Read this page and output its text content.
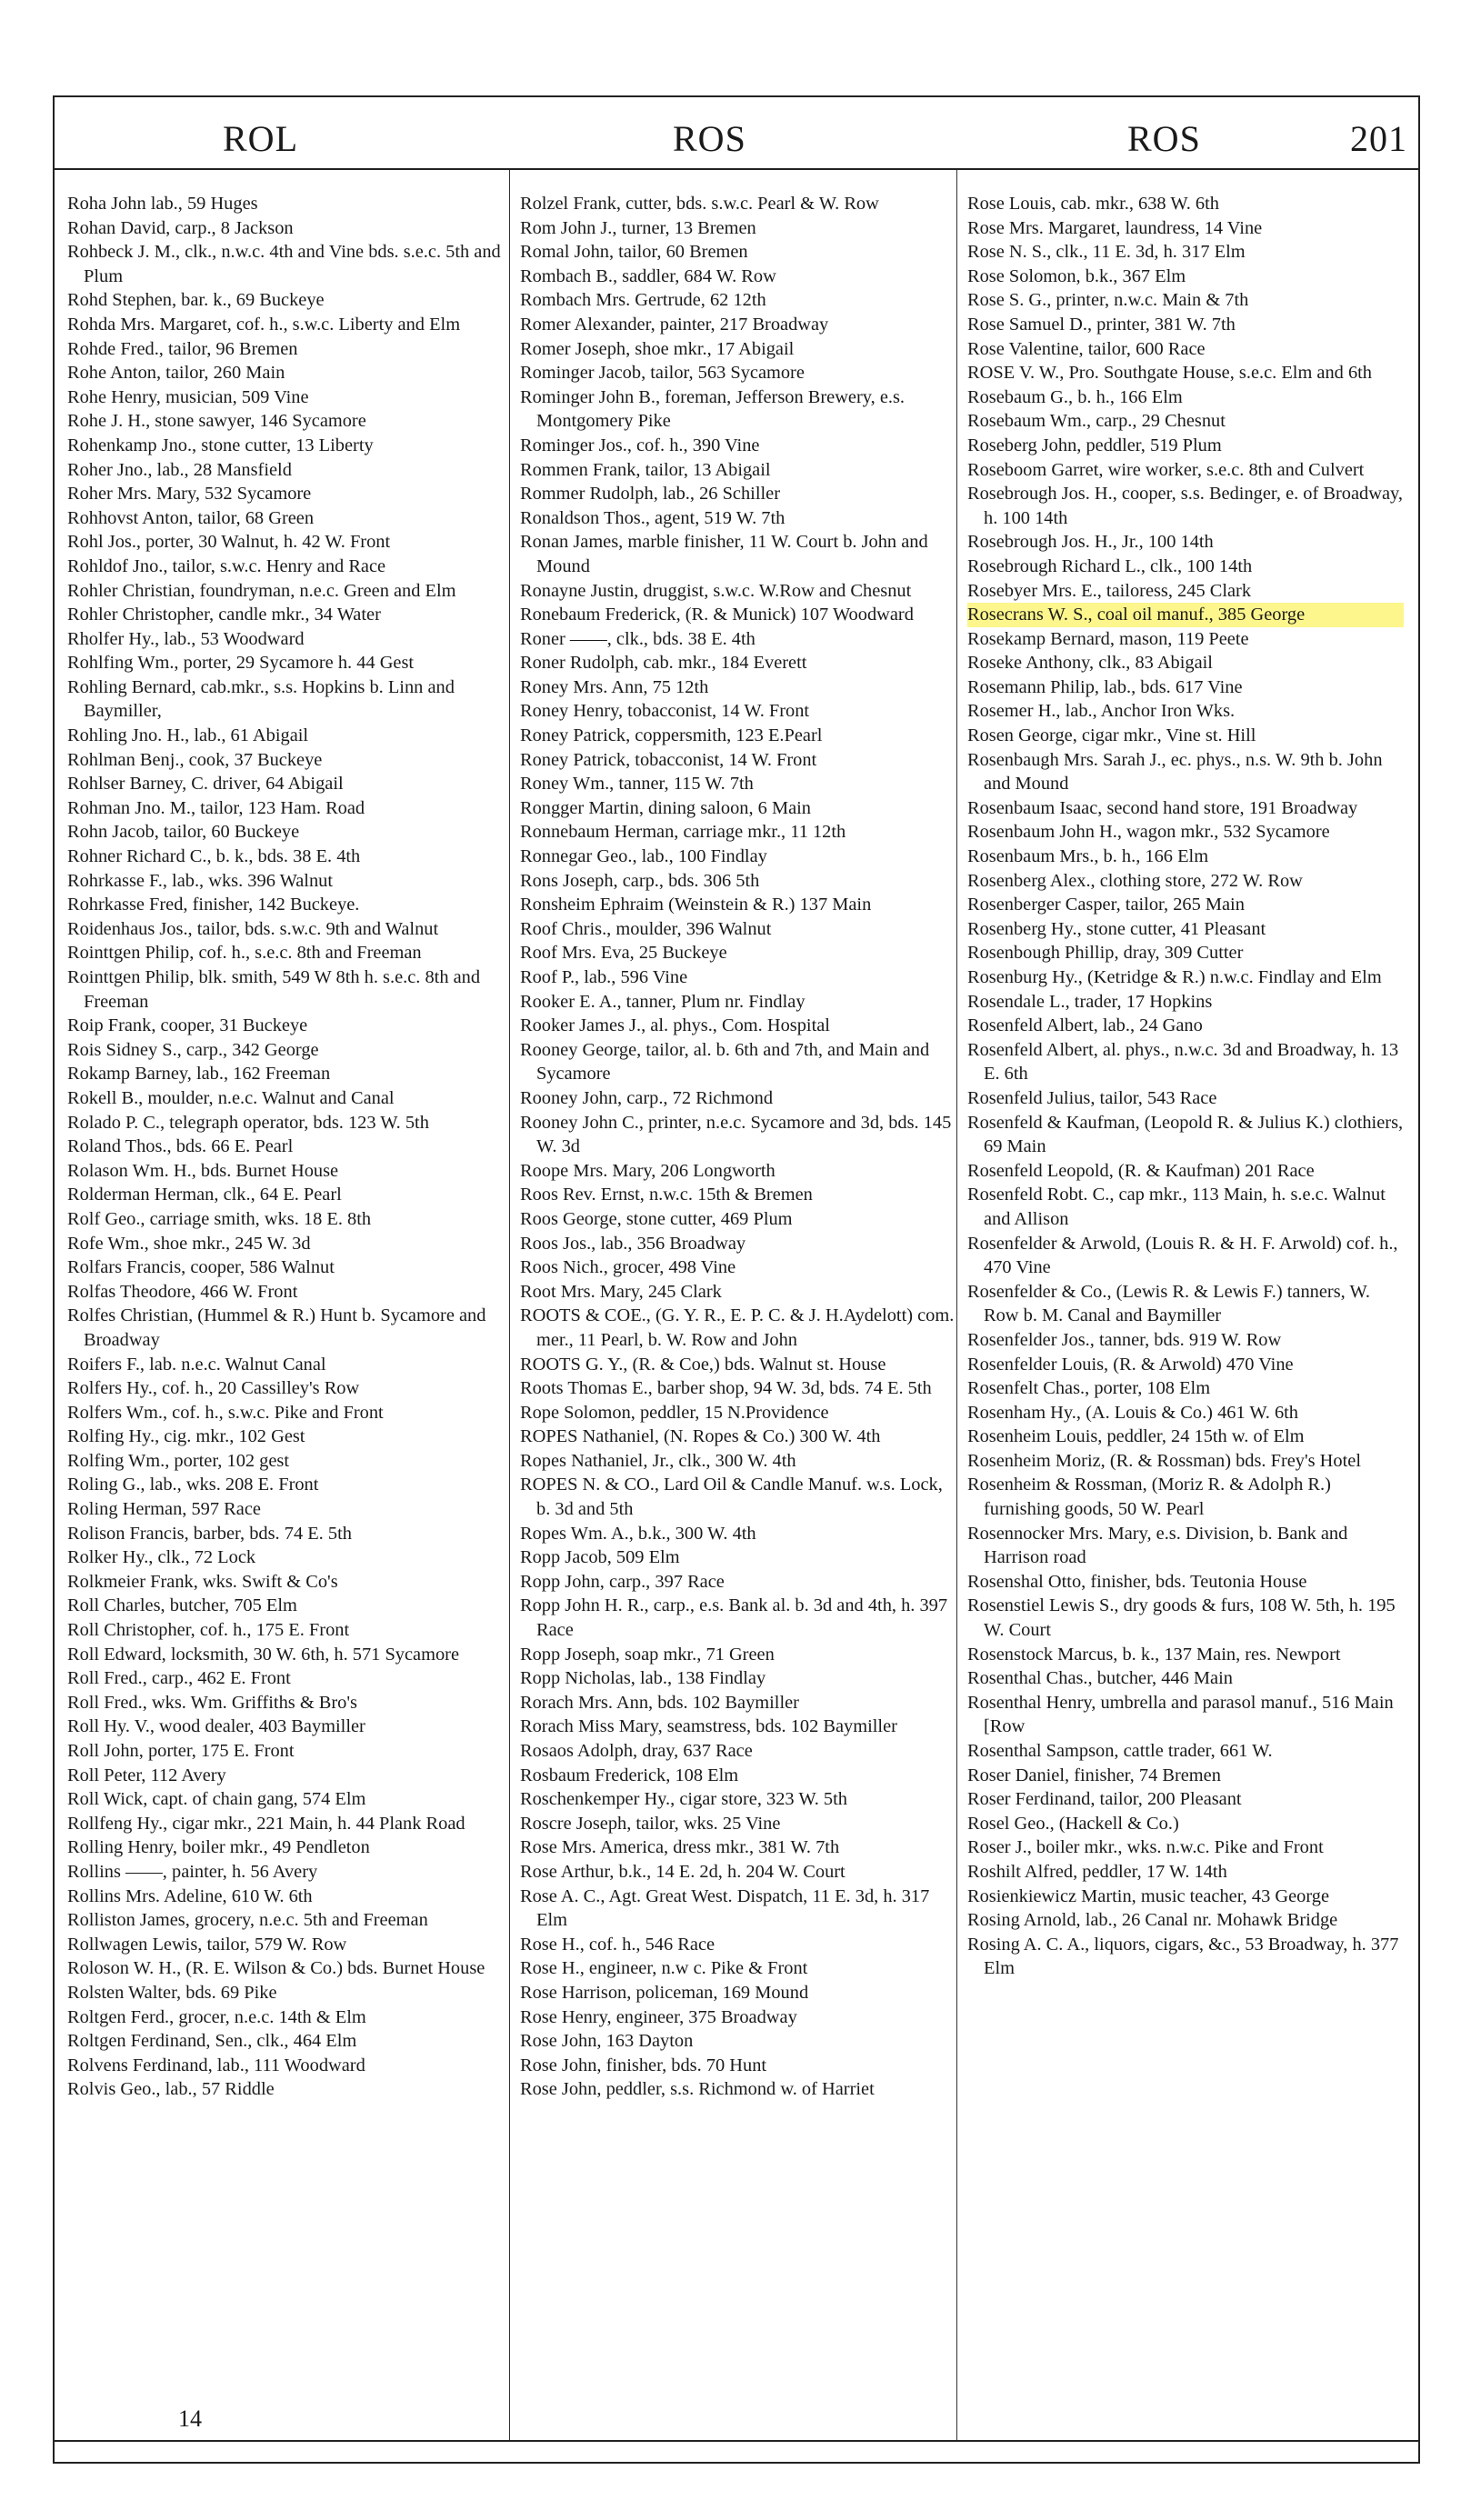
ROL	ROS	ROS	201

Roha John lab., 59 Huges

Rohan David, carp., 8 Jackson

Rohbeck J. M., clk., n.w.c. 4th and Vine bds. s.e.c. 5th and Plum

Rohd Stephen, bar. k., 69 Buckeye

Rohda Mrs. Margaret, cof. h., s.w.c. Liberty and Elm

Rohde Fred., tailor, 96 Bremen

Rohe Anton, tailor, 260 Main

Rohe Henry, musician, 509 Vine

Rohe J. H., stone sawyer, 146 Sycamore

Rohenkamp Jno., stone cutter, 13 Liberty

Roher Jno., lab., 28 Mansfield

Roher Mrs. Mary, 532 Sycamore

Rohhovst Anton, tailor, 68 Green

Rohl Jos., porter, 30 Walnut, h. 42 W. Front

Rohldof Jno., tailor, s.w.c. Henry and Race

Rohler Christian, foundryman, n.e.c. Green and Elm

Rohler Christopher, candle mkr., 34 Water

Rholfer Hy., lab., 53 Woodward

Rohlfing Wm., porter, 29 Sycamore h. 44 Gest

Rohling Bernard, cab.mkr., s.s. Hopkins b. Linn and Baymiller,

Rohling Jno. H., lab., 61 Abigail

Rohlman Benj., cook, 37 Buckeye

Rohlser Barney, C. driver, 64 Abigail

Rohman Jno. M., tailor, 123 Ham. Road

Rohn Jacob, tailor, 60 Buckeye

Rohner Richard C., b. k., bds. 38 E. 4th

Rohrkasse F., lab., wks. 396 Walnut

Rohrkasse Fred, finisher, 142 Buckeye.

Roidenhaus Jos., tailor, bds. s.w.c. 9th and Walnut

Rointtgen Philip, cof. h., s.e.c. 8th and Freeman

Rointtgen Philip, blk. smith, 549 W 8th h. s.e.c. 8th and Freeman

Roip Frank, cooper, 31 Buckeye

Rois Sidney S., carp., 342 George

Rokamp Barney, lab., 162 Freeman

Rokell B., moulder, n.e.c. Walnut and Canal

Rolado P. C., telegraph operator, bds. 123 W. 5th

Roland Thos., bds. 66 E. Pearl

Rolason Wm. H., bds. Burnet House

Rolderman Herman, clk., 64 E. Pearl

Rolf Geo., carriage smith, wks. 18 E. 8th

Rofe Wm., shoe mkr., 245 W. 3d

Rolfars Francis, cooper, 586 Walnut

Rolfas Theodore, 466 W. Front

Rolfes Christian, (Hummel & R.) Hunt b. Sycamore and Broadway

Roifers F., lab. n.e.c. Walnut Canal

Rolfers Hy., cof. h., 20 Cassilley's Row

Rolfers Wm., cof. h., s.w.c. Pike and Front

Rolfing Hy., cig. mkr., 102 Gest

Rolfing Wm., porter, 102 gest

Roling G., lab., wks. 208 E. Front

Roling Herman, 597 Race

Rolison Francis, barber, bds. 74 E. 5th

Rolker Hy., clk., 72 Lock

Rolkmeier Frank, wks. Swift & Co's

Roll Charles, butcher, 705 Elm

Roll Christopher, cof. h., 175 E. Front

Roll Edward, locksmith, 30 W. 6th, h. 571 Sycamore

Roll Fred., carp., 462 E. Front

Roll Fred., wks. Wm. Griffiths & Bro's

Roll Hy. V., wood dealer, 403 Baymiller

Roll John, porter, 175 E. Front

Roll Peter, 112 Avery

Roll Wick, capt. of chain gang, 574 Elm

Rollfeng Hy., cigar mkr., 221 Main, h. 44 Plank Road

Rolling Henry, boiler mkr., 49 Pendleton

Rollins ——, painter, h. 56 Avery

Rollins Mrs. Adeline, 610 W. 6th

Rolliston James, grocery, n.e.c. 5th and Freeman

Rollwagen Lewis, tailor, 579 W. Row

Roloson W. H., (R. E. Wilson & Co.) bds. Burnet House

Rolsten Walter, bds. 69 Pike

Roltgen Ferd., grocer, n.e.c. 14th & Elm

Roltgen Ferdinand, Sen., clk., 464 Elm

Rolvens Ferdinand, lab., 111 Woodward

Rolvis Geo., lab., 57 Riddle

Rolzel Frank, cutter, bds. s.w.c. Pearl & W. Row

Rom John J., turner, 13 Bremen

Romal John, tailor, 60 Bremen

Rombach B., saddler, 684 W. Row

Rombach Mrs. Gertrude, 62 12th

Romer Alexander, painter, 217 Broadway

Romer Joseph, shoe mkr., 17 Abigail

Rominger Jacob, tailor, 563 Sycamore

Rominger John B., foreman, Jefferson Brewery, e.s. Montgomery Pike

Rominger Jos., cof. h., 390 Vine

Rommen Frank, tailor, 13 Abigail

Rommer Rudolph, lab., 26 Schiller

Ronaldson Thos., agent, 519 W. 7th

Ronan James, marble finisher, 11 W. Court b. John and Mound

Ronayne Justin, druggist, s.w.c. W.Row and Chesnut

Ronebaum Frederick, (R. & Munick) 107 Woodward

Roner ——, clk., bds. 38 E. 4th

Roner Rudolph, cab. mkr., 184 Everett

Roney Mrs. Ann, 75 12th

Roney Henry, tobacconist, 14 W. Front

Roney Patrick, coppersmith, 123 E.Pearl

Roney Patrick, tobacconist, 14 W. Front

Roney Wm., tanner, 115 W. 7th

Rongger Martin, dining saloon, 6 Main

Ronnebaum Herman, carriage mkr., 11 12th

Ronnegar Geo., lab., 100 Findlay

Rons Joseph, carp., bds. 306 5th

Ronsheim Ephraim (Weinstein & R.) 137 Main

Roof Chris., moulder, 396 Walnut

Roof Mrs. Eva, 25 Buckeye

Roof P., lab., 596 Vine

Rooker E. A., tanner, Plum nr. Findlay

Rooker James J., al. phys., Com. Hospital

Rooney George, tailor, al. b. 6th and 7th, and Main and Sycamore

Rooney John, carp., 72 Richmond

Rooney John C., printer, n.e.c. Sycamore and 3d, bds. 145 W. 3d

Roope Mrs. Mary, 206 Longworth

Roos Rev. Ernst, n.w.c. 15th & Bremen

Roos George, stone cutter, 469 Plum

Roos Jos., lab., 356 Broadway

Roos Nich., grocer, 498 Vine

Root Mrs. Mary, 245 Clark

ROOTS & COE., (G. Y. R., E. P. C. & J. H.Aydelott) com. mer., 11 Pearl, b. W. Row and John

ROOTS G. Y., (R. & Coe,) bds. Walnut st. House

Roots Thomas E., barber shop, 94 W. 3d, bds. 74 E. 5th

Rope Solomon, peddler, 15 N.Providence

ROPES Nathaniel, (N. Ropes & Co.) 300 W. 4th

Ropes Nathaniel, Jr., clk., 300 W. 4th

ROPES N. & CO., Lard Oil & Candle Manuf. w.s. Lock, b. 3d and 5th

Ropes Wm. A., b.k., 300 W. 4th

Ropp Jacob, 509 Elm

Ropp John, carp., 397 Race

Ropp John H. R., carp., e.s. Bank al. b. 3d and 4th, h. 397 Race

Ropp Joseph, soap mkr., 71 Green

Ropp Nicholas, lab., 138 Findlay

Rorach Mrs. Ann, bds. 102 Baymiller

Rorach Miss Mary, seamstress, bds. 102 Baymiller

Rosaos Adolph, dray, 637 Race

Rosbaum Frederick, 108 Elm

Roschenkemper Hy., cigar store, 323 W. 5th

Roscre Joseph, tailor, wks. 25 Vine

Rose Mrs. America, dress mkr., 381 W. 7th

Rose Arthur, b.k., 14 E. 2d, h. 204 W. Court

Rose A. C., Agt. Great West. Dispatch, 11 E. 3d, h. 317 Elm

Rose H., cof. h., 546 Race

Rose H., engineer, n.w c. Pike & Front

Rose Harrison, policeman, 169 Mound

Rose Henry, engineer, 375 Broadway

Rose John, 163 Dayton

Rose John, finisher, bds. 70 Hunt

Rose John, peddler, s.s. Richmond w. of Harriet

Rose Louis, cab. mkr., 638 W. 6th

Rose Mrs. Margaret, laundress, 14 Vine

Rose N. S., clk., 11 E. 3d, h. 317 Elm

Rose Solomon, b.k., 367 Elm

Rose S. G., printer, n.w.c. Main & 7th

Rose Samuel D., printer, 381 W. 7th

Rose Valentine, tailor, 600 Race

ROSE V. W., Pro. Southgate House, s.e.c. Elm and 6th

Rosebaum G., b. h., 166 Elm

Rosebaum Wm., carp., 29 Chesnut

Roseberg John, peddler, 519 Plum

Roseboom Garret, wire worker, s.e.c. 8th and Culvert

Rosebrough Jos. H., cooper, s.s. Bedinger, e. of Broadway, h. 100 14th

Rosebrough Jos. H., Jr., 100 14th

Rosebrough Richard L., clk., 100 14th

Rosebyer Mrs. E., tailoress, 245 Clark

Rosecrans W. S., coal oil manuf., 385 George

Rosekamp Bernard, mason, 119 Peete

Roseke Anthony, clk., 83 Abigail

Rosemann Philip, lab., bds. 617 Vine

Rosemer H., lab., Anchor Iron Wks.

Rosen George, cigar mkr., Vine st. Hill

Rosenbaugh Mrs. Sarah J., ec. phys., n.s. W. 9th b. John and Mound

Rosenbaum Isaac, second hand store, 191 Broadway

Rosenbaum John H., wagon mkr., 532 Sycamore

Rosenbaum Mrs., b. h., 166 Elm

Rosenberg Alex., clothing store, 272 W. Row

Rosenberger Casper, tailor, 265 Main

Rosenberg Hy., stone cutter, 41 Pleasant

Rosenbough Phillip, dray, 309 Cutter

Rosenburg Hy., (Ketridge & R.) n.w.c. Findlay and Elm

Rosendale L., trader, 17 Hopkins

Rosenfeld Albert, lab., 24 Gano

Rosenfeld Albert, al. phys., n.w.c. 3d and Broadway, h. 13 E. 6th

Rosenfeld Julius, tailor, 543 Race

Rosenfeld & Kaufman, (Leopold R. & Julius K.) clothiers, 69 Main

Rosenfeld Leopold, (R. & Kaufman) 201 Race

Rosenfeld Robt. C., cap mkr., 113 Main, h. s.e.c. Walnut and Allison

Rosenfelder & Arwold, (Louis R. & H. F. Arwold) cof. h., 470 Vine

Rosenfelder & Co., (Lewis R. & Lewis F.) tanners, W. Row b. M. Canal and Baymiller

Rosenfelder Jos., tanner, bds. 919 W. Row

Rosenfelder Louis, (R. & Arwold) 470 Vine

Rosenfelt Chas., porter, 108 Elm

Rosenham Hy., (A. Louis & Co.) 461 W. 6th

Rosenheim Louis, peddler, 24 15th w. of Elm

Rosenheim Moriz, (R. & Rossman) bds. Frey's Hotel

Rosenheim & Rossman, (Moriz R. & Adolph R.) furnishing goods, 50 W. Pearl

Rosennocker Mrs. Mary, e.s. Division, b. Bank and Harrison road

Rosenshal Otto, finisher, bds. Teutonia House

Rosenstiel Lewis S., dry goods & furs, 108 W. 5th, h. 195 W. Court

Rosenstock Marcus, b. k., 137 Main, res. Newport

Rosenthal Chas., butcher, 446 Main

Rosenthal Henry, umbrella and parasol manuf., 516 Main [Row

Rosenthal Sampson, cattle trader, 661 W.

Roser Daniel, finisher, 74 Bremen

Roser Ferdinand, tailor, 200 Pleasant

Rosel Geo., (Hackell & Co.)

Roser J., boiler mkr., wks. n.w.c. Pike and Front

Roshilt Alfred, peddler, 17 W. 14th

Rosienkiewicz Martin, music teacher, 43 George

Rosing Arnold, lab., 26 Canal nr. Mohawk Bridge

Rosing A. C. A., liquors, cigars, &c., 53 Broadway, h. 377 Elm

14
